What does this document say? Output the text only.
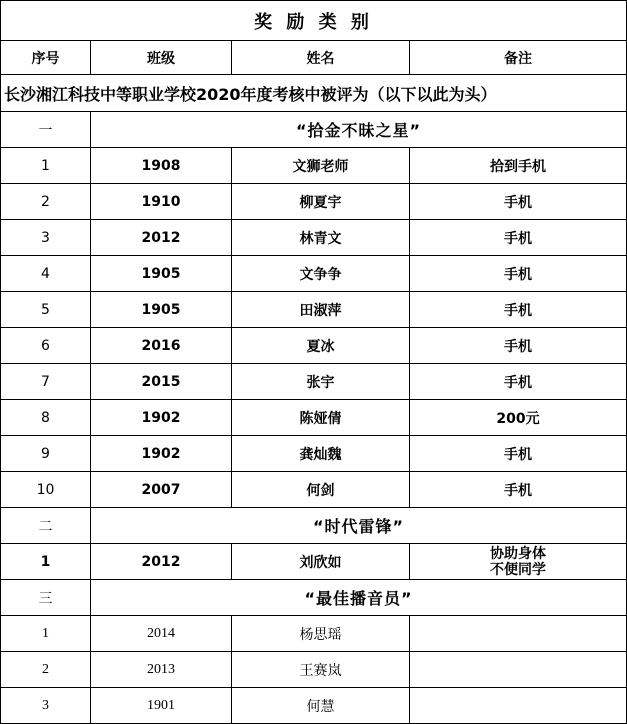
奖 励 类 别			
序号	班级	姓名	备注
长沙湘江科技中等职业学校2020年度考核中被评为（以下以此为头）			
一	“拾金不昧之星”		
1	1908	文狮老师	拾到手机
2	1910	柳夏宇	手机
3	2012	林青文	手机
4	1905	文争争	手机
5	1905	田淑萍	手机
6	2016	夏冰	手机
7	2015	张宇	手机
8	1902	陈娅倩	200元
9	1902	龚灿魏	手机
10	2007	何剑	手机
二	“时代雷锋”		
1	2012	刘欣如	协助身体
不便同学

三	“最佳播音员”		
1	2014	杨思瑶	
2	2013	王赛岚	
3	1901	何慧	
